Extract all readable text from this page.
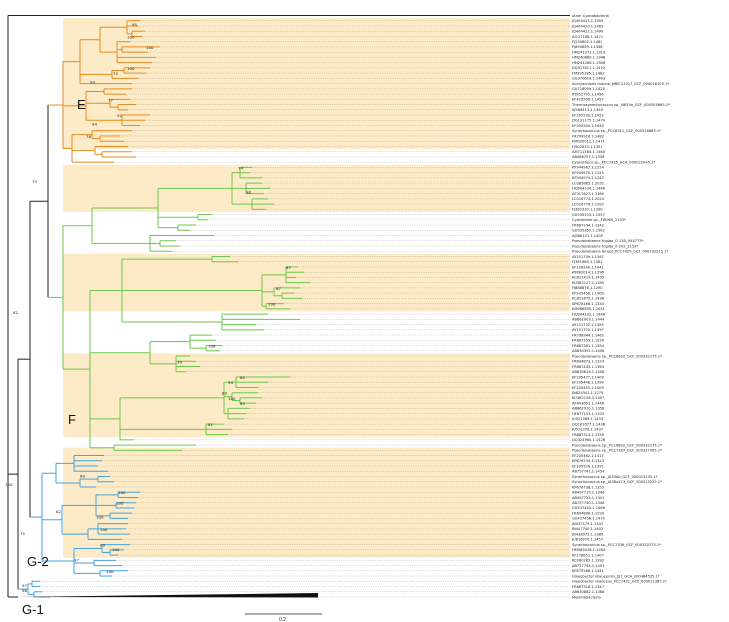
other Cyanobacteria
JQ404415.1.1455
JQ404420.1.1463
JQ404422.1.1490
JU127188.1.1471
FJ230802.1.1461
FJ890659.1.1346
HM241072.1.1310
HM240889.1.1348
HM241266.1.1308
DQ917811.1.1452
FM995185.1.1482
GG370619.1.1463
Acaryochloris marina_MBIC11017_GCF_000018105.1*
GU718099.1.1425
KT952795.1.1496
EF429508.1.1457
Thermosynechococcus sp._NK55a_GCF_000505665.1*
KJ589413.1.1350
EF205530.1.1452
DQ131175.1.1474
EF205554.1.1444
Synechococcus sp._PCC6312_GCF_000316685.1*
FR799916.1.1482
KM020012.1.1471
FJ902833.1.1351
AM711584.1.1460
AB486797.1.1338
Cyanothece sp._PCC7425_GCA_000022045.1*
KF944967.1.1254
KF944970.1.1245
KF944974.1.1242
LC085885.1.2032
HQ904134.1.1446
AF317627.1.1369
LC016774.1.2024
LC016776.1.1997
FJ382330.1.1330
GU935333.1.1557
Cyanobium sp._FW064_1153*
FR687294.1.1342
GU935357.1.1562
AJ088101.1.1405
Pseudanabaena frigida_O-155_945775*
Pseudanabaena frigida_0-202_1153*
Pseudanabaena biceps_PCC7429_GCF_000332215.1*
AY151739.1.1397
FJ361989.1.1381
EF126240.1.1441
AY882014.1.1296
KC821419.1.1435
KU382127.1.1405
FJ888876.1.1290
EF205458.1.1409
KC821675.1.1436
KP678166.1.1334
KM086855.1.2051
HQ904132.1.1448
AB862903.1.1444
AY151732.1.1395
AY151725.1.1397
FR798944.1.1462
FR687359.1.1339
FR687301.1.1354
AB630391.1.1408
Pseudanabaena sp._PCC6802_GCF_000332175.1*
FR694873.1.1324
FR687443.1.1363
AB630619.1.1408
EF205477.1.1409
EF205448.1.1399
EF205455.1.1409
JN825341.1.1275
KU382126.1.1407
AF443691.1.1446
AB862910.1.1358
HF677155.1.1325
JU521389.1.1433
DQ181677.1.1436
JU521378.1.1437
FR687314.1.1339
GQ324965.1.1426
Pseudanabaena sp._PCC6802_GCF_000332175.1*
Pseudanabaena sp._PCC7367_GCF_000317065.1*
EF205462.1.1417
KP676744.1.1323
EF205526.1.1391
AB757741.1.1454
Synechococcus sp._JA33Ab_GCF_000013205.1*
Synechococcus sp._JA3Ba213_GCF_000013225.1*
KP676738.1.1353
AB497715.1.1346
AB497725.1.1341
AB757740.1.1346
GU437443.1.1466
FR694806.1.1299
GU437458.1.1470
JN437179.1.1347
JN447700.1.1402
JN438972.1.1389
JU816970.1.1457
Synechococcus sp._PCC7336_GCF_000332275.1*
HM585028.1.1263
KF176851.1.1407
KC060262.1.1392
AB757744.1.1451
KF875568.1.1441
Gloeobacter kilaueensis_JS1_GCA_000484535.1*
Gloeobacter violaceus_PCC7421_GCF_000011385.1*
FR687316.1.1347
AB630882.1.1386
Melainabacteria
100
82
75
75
97
98
95
100
100
75
100
94
77
92
94
76
74
98
87
87
100
100
39
82
94
89
100
83
81
62
89
100
100
100
100
89
100
100
97
E
F
G-2
G-1
0.2
